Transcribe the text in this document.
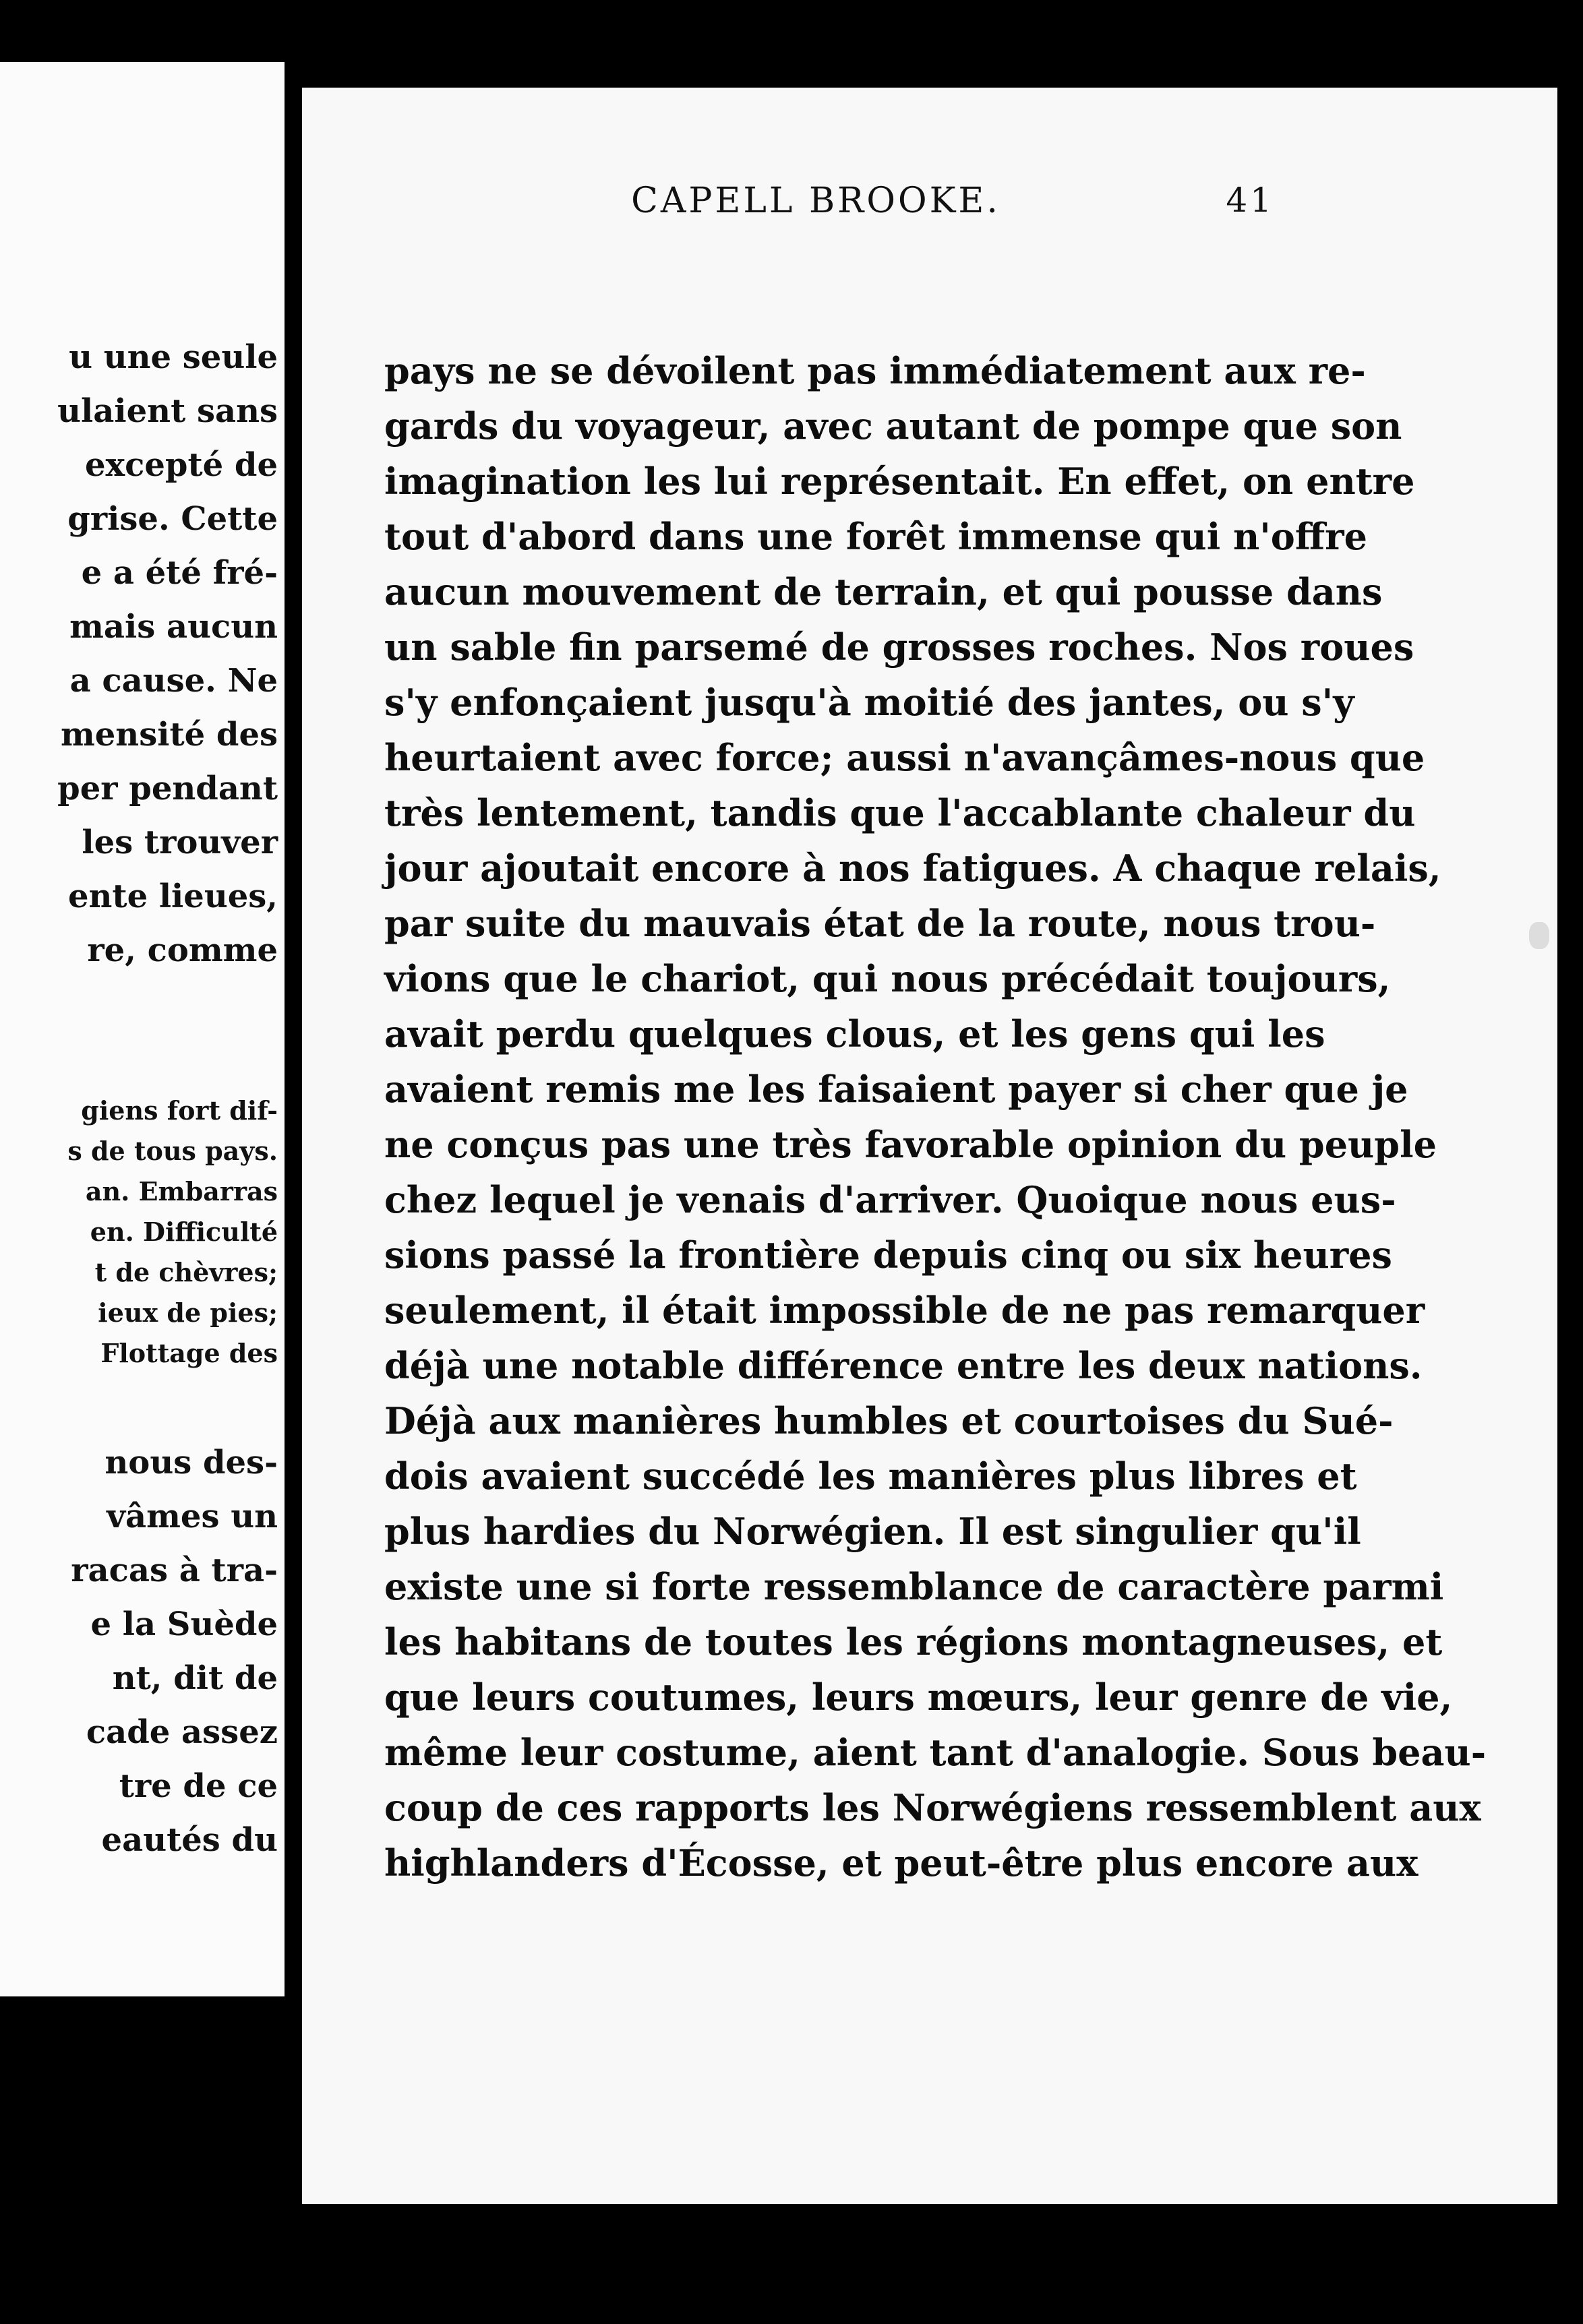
u une seule
ulaient sans
excepté de
grise. Cette
e a été fré-
mais aucun
a cause. Ne
mensité des
per pendant
les trouver
ente lieues,
re, comme
giens fort dif-
s de tous pays.
an. Embarras
en. Difficulté
t de chèvres;
ieux de pies;
Flottage des
nous des-
vâmes un
racas à tra-
e la Suède
nt, dit de
cade assez
tre de ce
eautés du
CAPELL BROOKE.	41
pays ne se dévoilent pas immédiatement aux re-
gards du voyageur, avec autant de pompe que son
imagination les lui représentait. En effet, on entre
tout d'abord dans une forêt immense qui n'offre
aucun mouvement de terrain, et qui pousse dans
un sable fin parsemé de grosses roches. Nos roues
s'y enfonçaient jusqu'à moitié des jantes, ou s'y
heurtaient avec force; aussi n'avançâmes-nous que
très lentement, tandis que l'accablante chaleur du
jour ajoutait encore à nos fatigues. A chaque relais,
par suite du mauvais état de la route, nous trou-
vions que le chariot, qui nous précédait toujours,
avait perdu quelques clous, et les gens qui les
avaient remis me les faisaient payer si cher que je
ne conçus pas une très favorable opinion du peuple
chez lequel je venais d'arriver. Quoique nous eus-
sions passé la frontière depuis cinq ou six heures
seulement, il était impossible de ne pas remarquer
déjà une notable différence entre les deux nations.
Déjà aux manières humbles et courtoises du Sué-
dois avaient succédé les manières plus libres et
plus hardies du Norwégien. Il est singulier qu'il
existe une si forte ressemblance de caractère parmi
les habitans de toutes les régions montagneuses, et
que leurs coutumes, leurs mœurs, leur genre de vie,
même leur costume, aient tant d'analogie. Sous beau-
coup de ces rapports les Norwégiens ressemblent aux
highlanders d'Écosse, et peut-être plus encore aux
